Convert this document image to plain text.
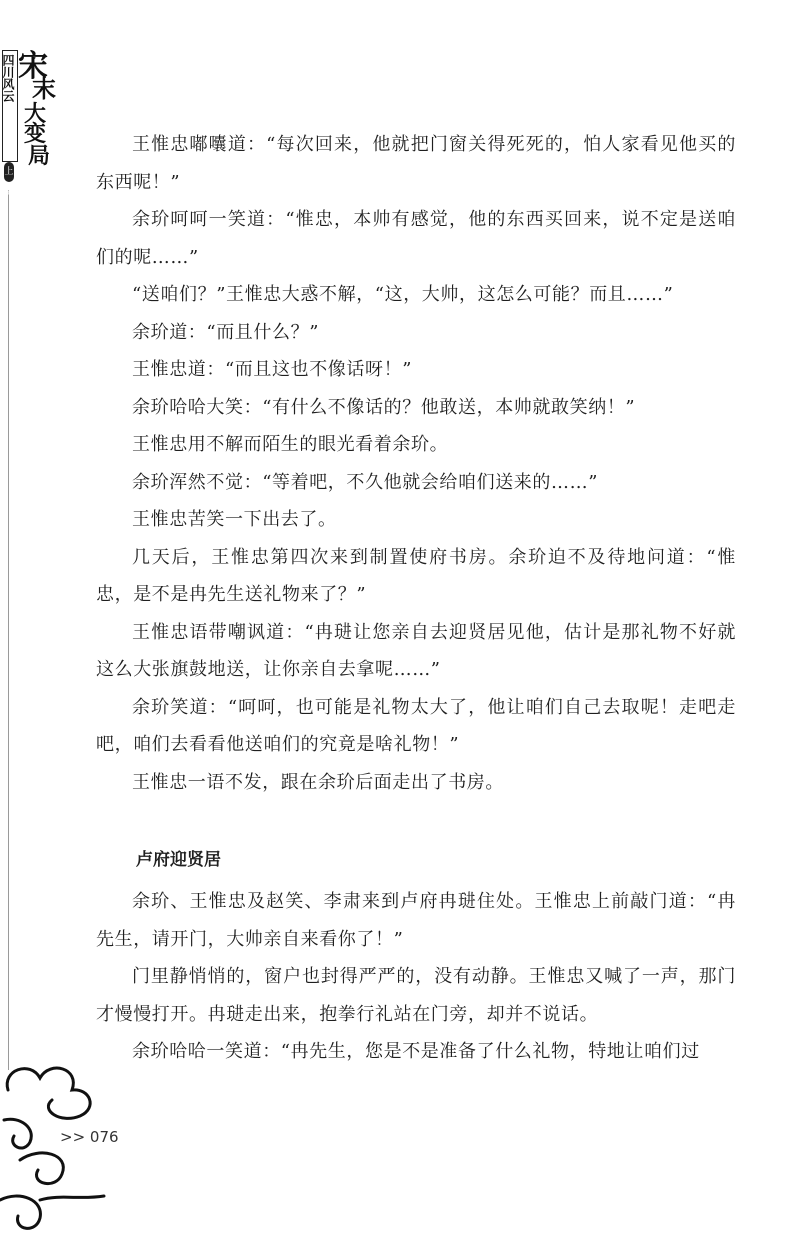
四川风云
上部
宋
末
大
变
局	王惟忠嘟囔道：“每次回来，他就把门窗关得死死的，怕人家看见他买的东西呢！”

余玠呵呵一笑道：“惟忠，本帅有感觉，他的东西买回来，说不定是送咱们的呢……”

“送咱们？”王惟忠大惑不解，“这，大帅，这怎么可能？而且……”

余玠道：“而且什么？”

王惟忠道：“而且这也不像话呀！”

余玠哈哈大笑：“有什么不像话的？他敢送，本帅就敢笑纳！”

王惟忠用不解而陌生的眼光看着余玠。

余玠浑然不觉：“等着吧，不久他就会给咱们送来的……”

王惟忠苦笑一下出去了。

几天后，王惟忠第四次来到制置使府书房。余玠迫不及待地问道：“惟忠，是不是冉先生送礼物来了？”

王惟忠语带嘲讽道：“冉琎让您亲自去迎贤居见他，估计是那礼物不好就这么大张旗鼓地送，让你亲自去拿呢……”

余玠笑道：“呵呵，也可能是礼物太大了，他让咱们自己去取呢！走吧走吧，咱们去看看他送咱们的究竟是啥礼物！”

王惟忠一语不发，跟在余玠后面走出了书房。

卢府迎贤居

余玠、王惟忠及赵笑、李肃来到卢府冉琎住处。王惟忠上前敲门道：“冉先生，请开门，大帅亲自来看你了！”

门里静悄悄的，窗户也封得严严的，没有动静。王惟忠又喊了一声，那门才慢慢打开。冉琎走出来，抱拳行礼站在门旁，却并不说话。

余玠哈哈一笑道：“冉先生，您是不是准备了什么礼物，特地让咱们过

>> 076
